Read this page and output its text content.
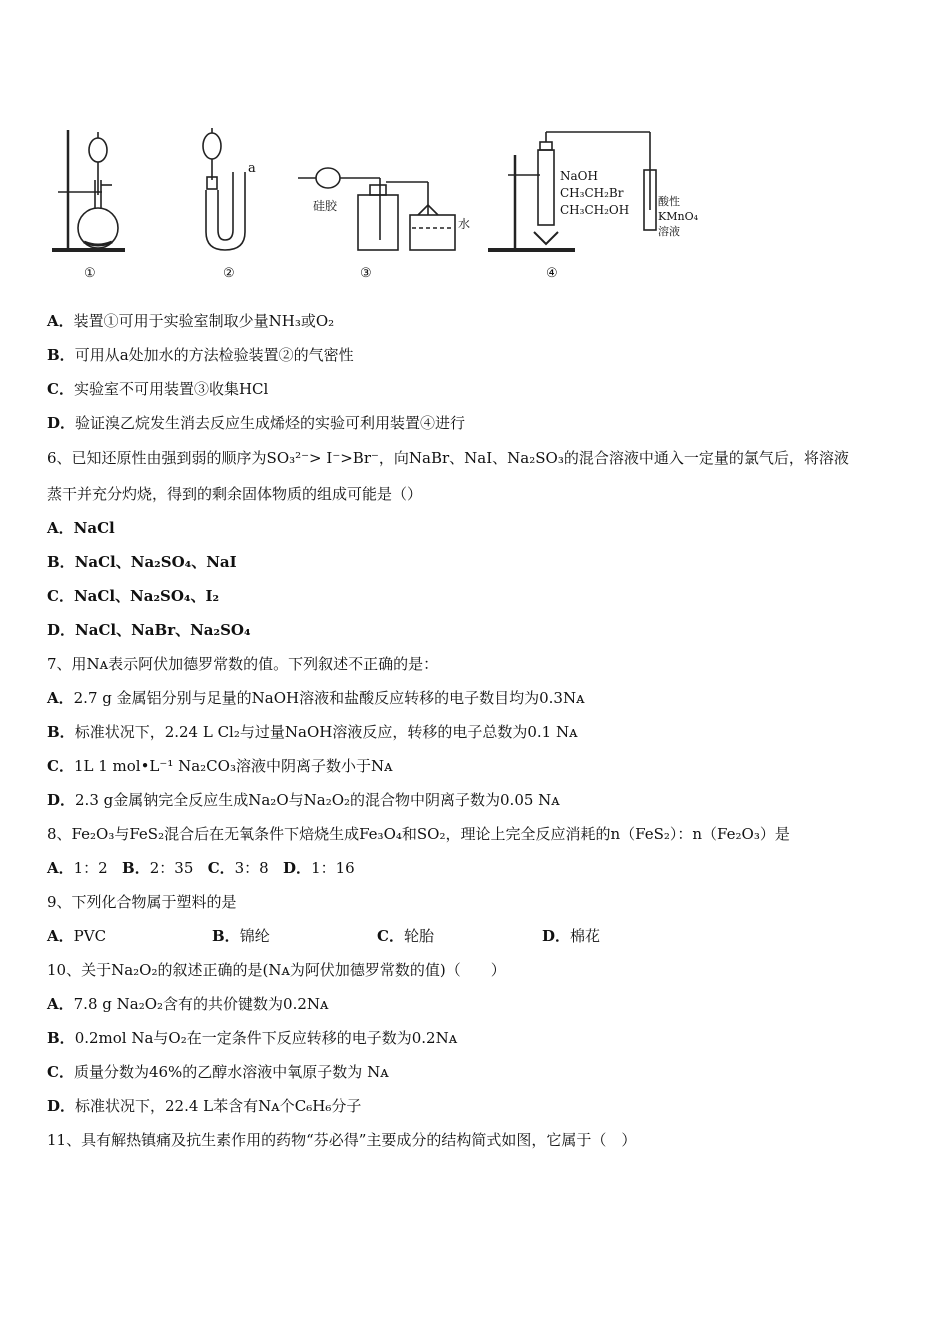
①	②	③	④
a
硅胶
水
NaOH
CH₃CH₂Br
CH₃CH₂OH
酸性
KMnO₄
溶液
A．装置①可用于实验室制取少量NH₃或O₂
B．可用从a处加水的方法检验装置②的气密性
C．实验室不可用装置③收集HCl
D．验证溴乙烷发生消去反应生成烯烃的实验可利用装置④进行
6、已知还原性由强到弱的顺序为SO₃²⁻> I⁻>Br⁻，向NaBr、NaI、Na₂SO₃的混合溶液中通入一定量的氯气后，将溶液
蒸干并充分灼烧，得到的剩余固体物质的组成可能是（）
A．NaCl
B．NaCl、Na₂SO₄、NaI
C．NaCl、Na₂SO₄、I₂
D．NaCl、NaBr、Na₂SO₄
7、用Nᴀ表示阿伏加德罗常数的值。下列叙述不正确的是：
A．2.7 g 金属铝分别与足量的NaOH溶液和盐酸反应转移的电子数目均为0.3Nᴀ
B．标准状况下，2.24 L Cl₂与过量NaOH溶液反应，转移的电子总数为0.1 Nᴀ
C．1L 1 mol•L⁻¹ Na₂CO₃溶液中阴离子数小于Nᴀ
D．2.3 g金属钠完全反应生成Na₂O与Na₂O₂的混合物中阴离子数为0.05 Nᴀ
8、Fe₂O₃与FeS₂混合后在无氧条件下焙烧生成Fe₃O₄和SO₂，理论上完全反应消耗的n（FeS₂）：n（Fe₂O₃）是
A．1：2 B．2：35 C．3：8 D．1：16
9、下列化合物属于塑料的是
A．PVC	B．锦纶	C．轮胎	D．棉花
10、关于Na₂O₂的叙述正确的是(Nᴀ为阿伏加德罗常数的值)（　　）
A．7.8 g Na₂O₂含有的共价键数为0.2Nᴀ
B．0.2mol Na与O₂在一定条件下反应转移的电子数为0.2Nᴀ
C．质量分数为46%的乙醇水溶液中氧原子数为 Nᴀ
D．标准状况下，22.4 L苯含有Nᴀ个C₆H₆分子
11、具有解热镇痛及抗生素作用的药物“芬必得”主要成分的结构简式如图，它属于（　）
